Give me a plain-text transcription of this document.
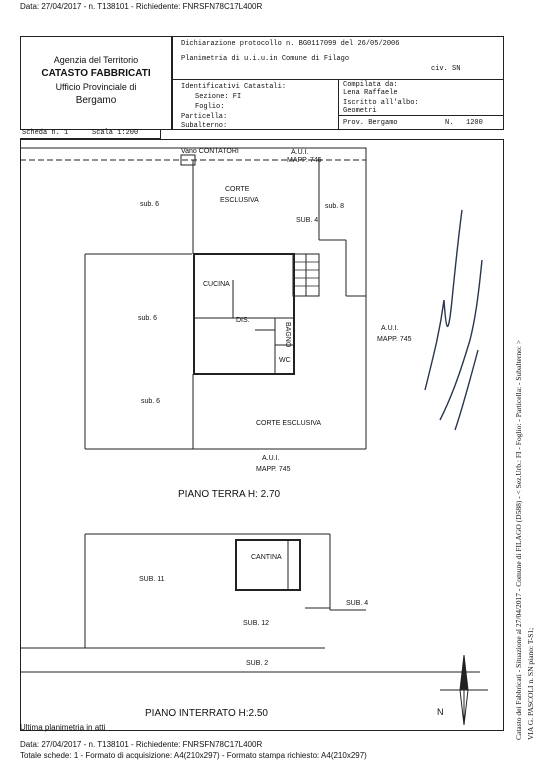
Data: 27/04/2017 - n. T138101 - Richiedente: FNRSFN78C17L400R
Agenzia del Territorio
CATASTO FABBRICATI
Ufficio Provinciale di
Bergamo
Dichiarazione protocollo n. BG0117099 del 26/05/2006
Planimetria di u.i.u.in Comune di Filago
civ. SN
Identificativi Catastali:
Sezione: FI
Foglio:
Particella:
Subalterno:
Compilata da:
Lena Raffaele
Iscritto all'albo:
Geometri
Prov. Bergamo	N. 1200
Scheda n. 1	Scala 1:200
Vano CONTATORI	A.U.I.
MAPP. 745
CORTE
ESCLUSIVA
sub. 6	sub. 8
SUB. 4
CUCINA
sub. 6	DIS.
BAGNO
WC
A.U.I.
MAPP. 745
sub. 6
CORTE ESCLUSIVA
A.U.I.
MAPP. 745
CANTINA
SUB. 11
SUB. 4
SUB. 12
SUB. 2
N
PIANO TERRA H: 2.70
PIANO INTERRATO H:2.50	Catasto dei Fabbricati - Situazione al 27/04/2017 - Comune di FILAGO (D588) - < Sez.Urb.: FI - Foglio: - Particella: - Subalterno: > VIA G. PASCOLI n. SN piano: T-S1;
Ultima planimetria in atti
Data: 27/04/2017 - n. T138101 - Richiedente: FNRSFN78C17L400R
Totale schede: 1 - Formato di acquisizione: A4(210x297) - Formato stampa richiesto: A4(210x297)
